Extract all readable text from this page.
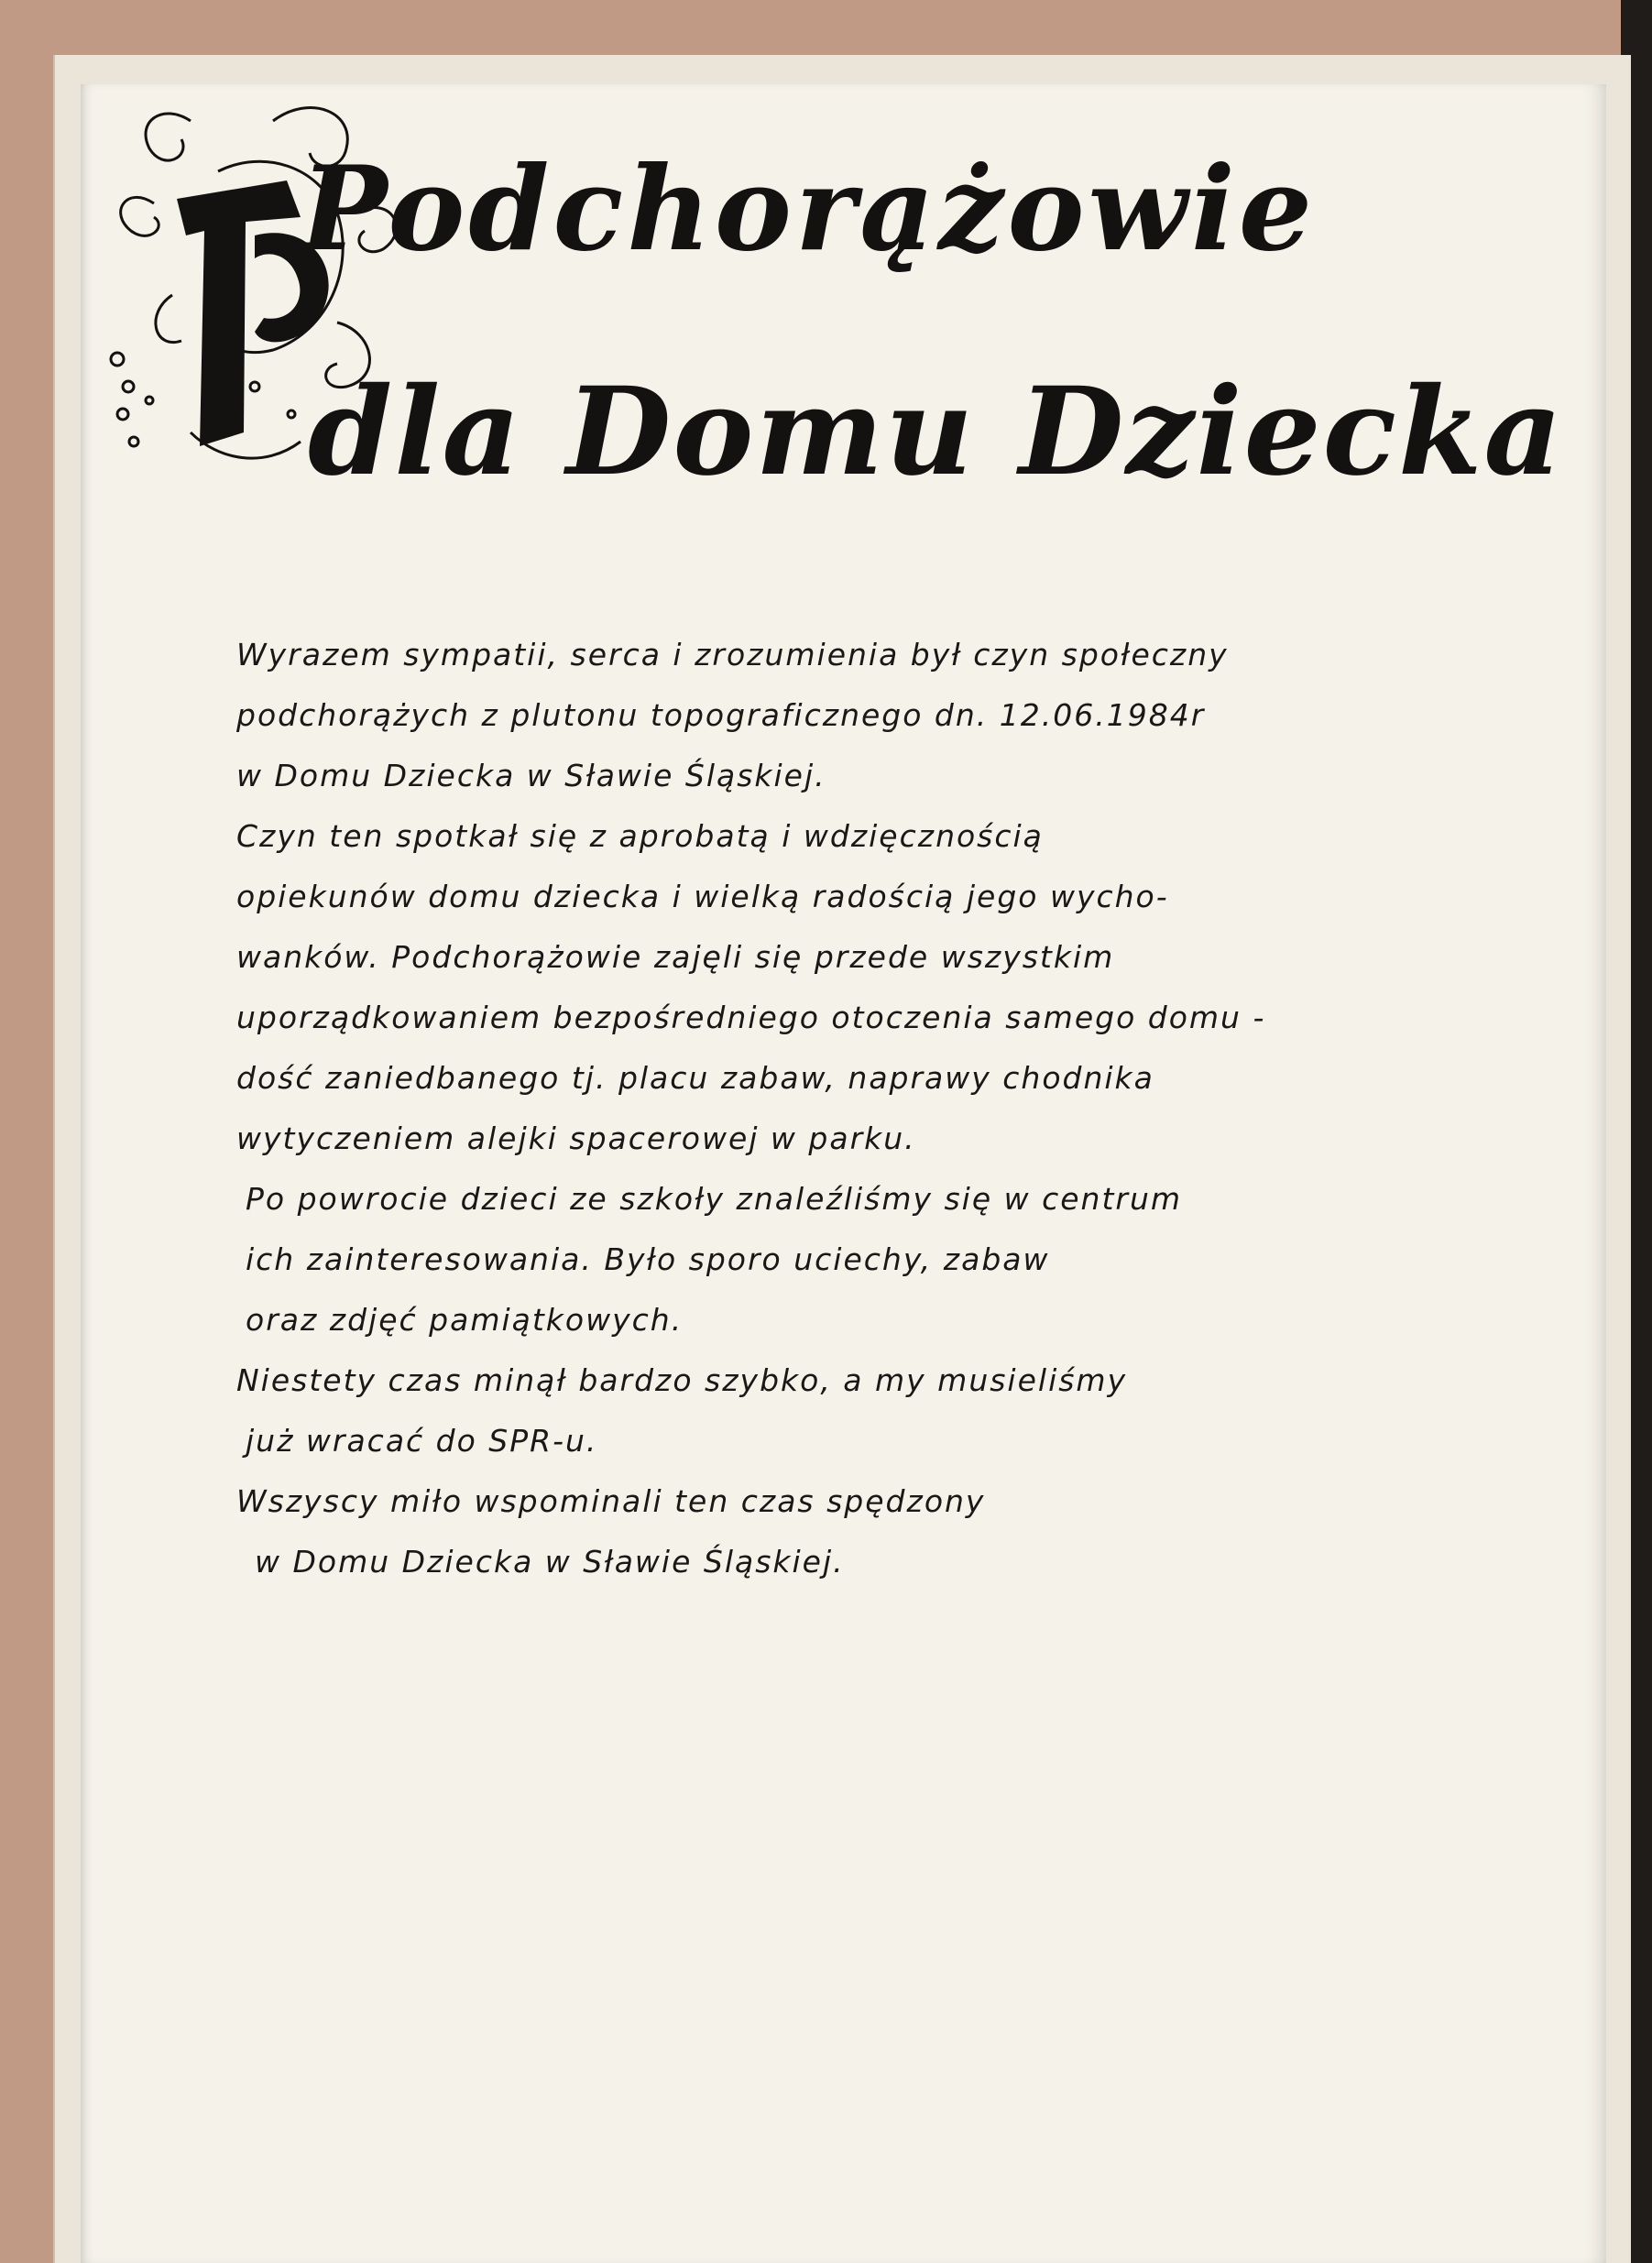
Podchorążowie
dla Domu Dziecka
Wyrazem sympatii, serca i zrozumienia był czyn społeczny
podchorążych z plutonu topograficznego dn. 12.06.1984r
w Domu Dziecka w Sławie Śląskiej.
Czyn ten spotkał się z aprobatą i wdzięcznością
opiekunów domu dziecka i wielką radością jego wycho-
wanków. Podchorążowie zajęli się przede wszystkim
uporządkowaniem bezpośredniego otoczenia samego domu -
dość zaniedbanego tj. placu zabaw, naprawy chodnika
wytyczeniem alejki spacerowej w parku.
Po powrocie dzieci ze szkoły znaleźliśmy się w centrum
ich zainteresowania. Było sporo uciechy, zabaw
oraz zdjęć pamiątkowych.
Niestety czas minął bardzo szybko, a my musieliśmy
już wracać do SPR-u.
Wszyscy miło wspominali ten czas spędzony
w Domu Dziecka w Sławie Śląskiej.
